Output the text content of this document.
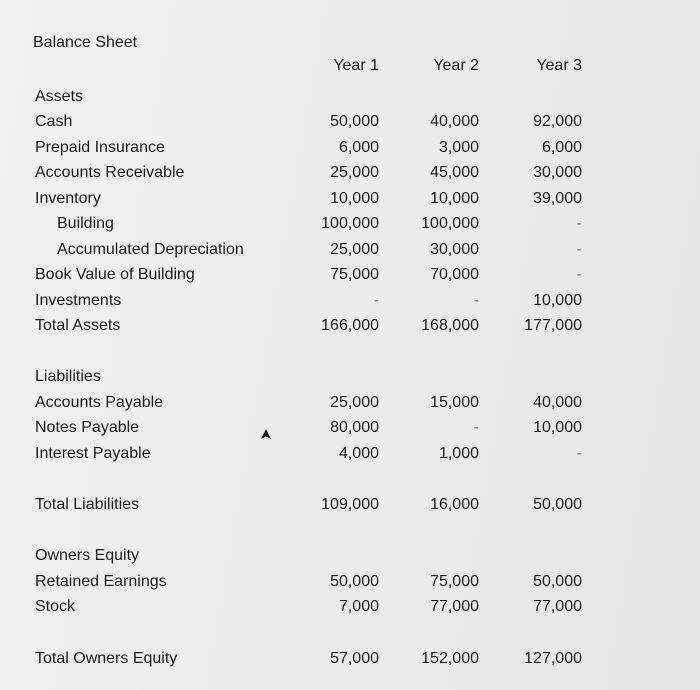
Balance Sheet
Year 1	Year 2	Year 3
Assets
Cash	50,000	40,000	92,000
Prepaid Insurance	6,000	3,000	6,000
Accounts Receivable	25,000	45,000	30,000
Inventory	10,000	10,000	39,000
Building	100,000	100,000	-
Accumulated Depreciation	25,000	30,000	-
Book Value of Building	75,000	70,000	-
Investments	-	-	10,000
Total Assets	166,000	168,000	177,000
Liabilities
Accounts Payable	25,000	15,000	40,000
Notes Payable	80,000	-	10,000
Interest Payable	4,000	1,000	-
Total Liabilities	109,000	16,000	50,000
Owners Equity
Retained Earnings	50,000	75,000	50,000
Stock	7,000	77,000	77,000
Total Owners Equity	57,000	152,000	127,000
